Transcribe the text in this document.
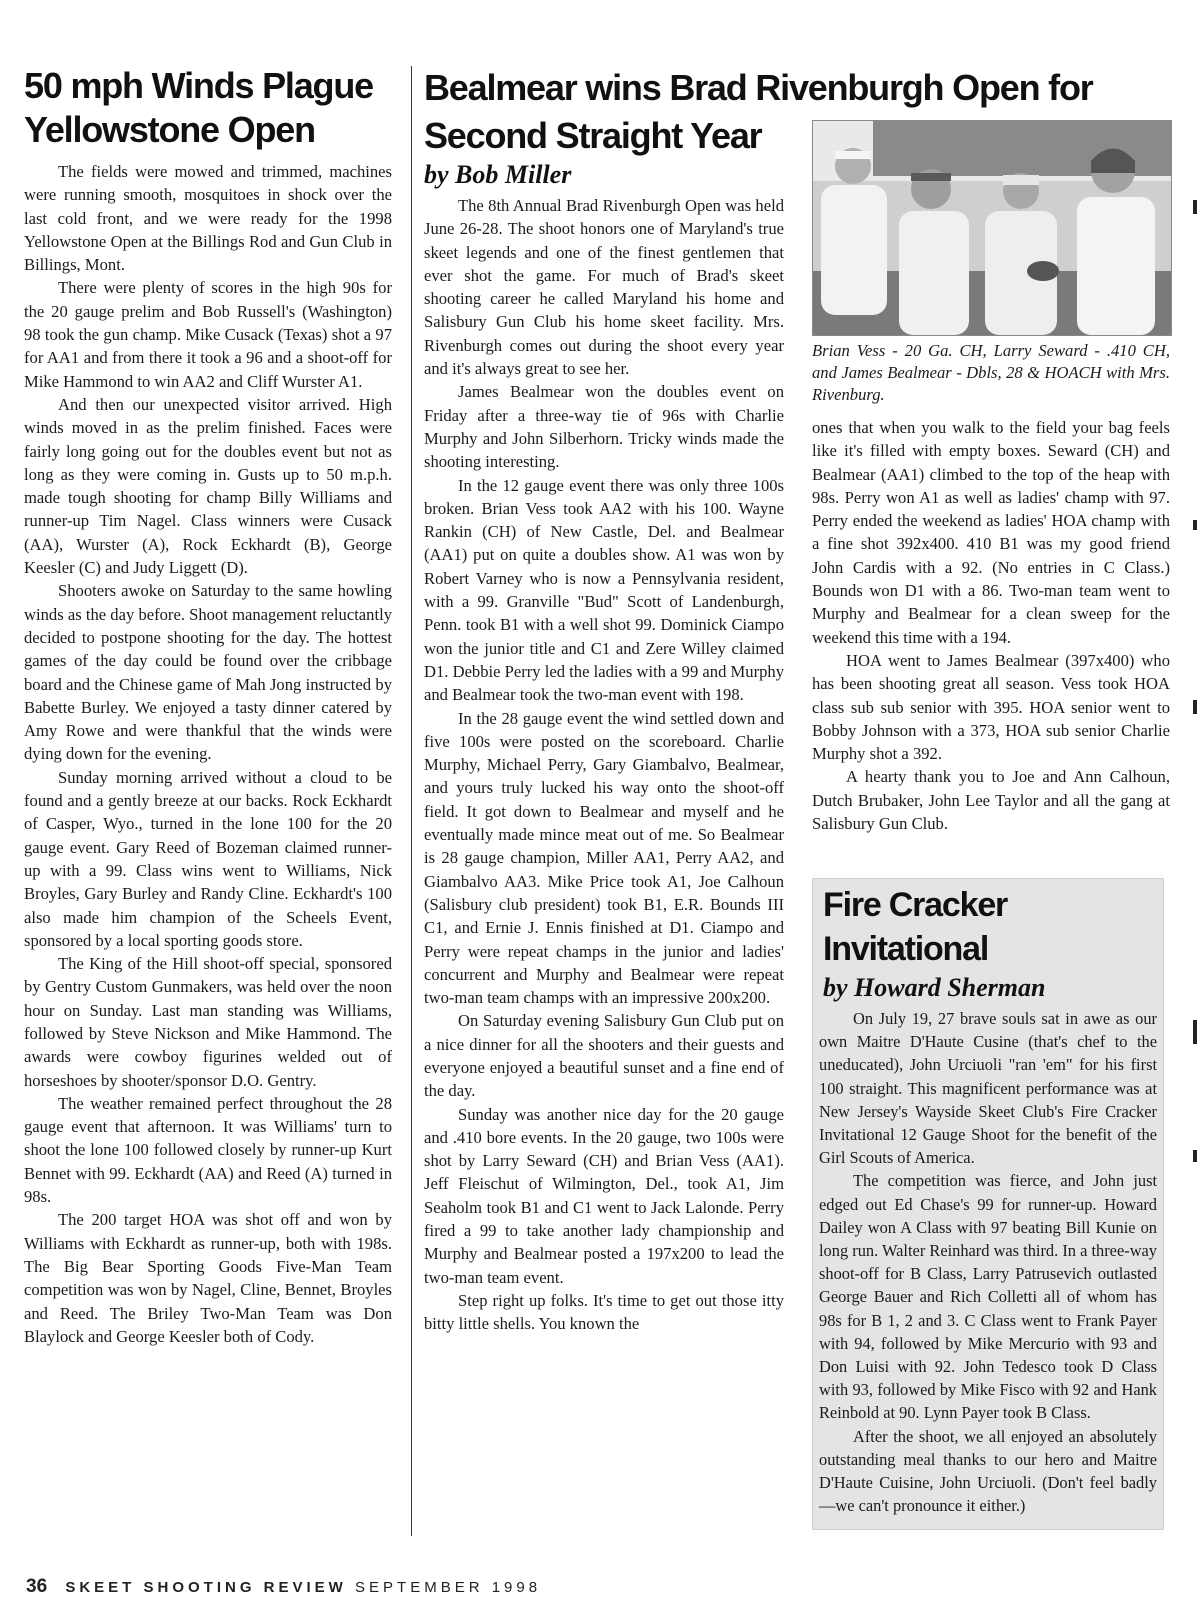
50 mph Winds Plague Yellowstone Open

The fields were mowed and trimmed, machines were running smooth, mosquitoes in shock over the last cold front, and we were ready for the 1998 Yellowstone Open at the Billings Rod and Gun Club in Billings, Mont.

There were plenty of scores in the high 90s for the 20 gauge prelim and Bob Russell's (Washington) 98 took the gun champ. Mike Cusack (Texas) shot a 97 for AA1 and from there it took a 96 and a shoot-off for Mike Hammond to win AA2 and Cliff Wurster A1.

And then our unexpected visitor arrived. High winds moved in as the prelim finished. Faces were fairly long going out for the doubles event but not as long as they were coming in. Gusts up to 50 m.p.h. made tough shooting for champ Billy Williams and runner-up Tim Nagel. Class winners were Cusack (AA), Wurster (A), Rock Eckhardt (B), George Keesler (C) and Judy Liggett (D).

Shooters awoke on Saturday to the same howling winds as the day before. Shoot management reluctantly decided to postpone shooting for the day. The hottest games of the day could be found over the cribbage board and the Chinese game of Mah Jong instructed by Babette Burley. We enjoyed a tasty dinner catered by Amy Rowe and were thankful that the winds were dying down for the evening.

Sunday morning arrived without a cloud to be found and a gently breeze at our backs. Rock Eckhardt of Casper, Wyo., turned in the lone 100 for the 20 gauge event. Gary Reed of Bozeman claimed runner-up with a 99. Class wins went to Williams, Nick Broyles, Gary Burley and Randy Cline. Eckhardt's 100 also made him champion of the Scheels Event, sponsored by a local sporting goods store.

The King of the Hill shoot-off special, sponsored by Gentry Custom Gunmakers, was held over the noon hour on Sunday. Last man standing was Williams, followed by Steve Nickson and Mike Hammond. The awards were cowboy figurines welded out of horseshoes by shooter/sponsor D.O. Gentry.

The weather remained perfect throughout the 28 gauge event that afternoon. It was Williams' turn to shoot the lone 100 followed closely by runner-up Kurt Bennet with 99. Eckhardt (AA) and Reed (A) turned in 98s.

The 200 target HOA was shot off and won by Williams with Eckhardt as runner-up, both with 198s. The Big Bear Sporting Goods Five-Man Team competition was won by Nagel, Cline, Bennet, Broyles and Reed. The Briley Two-Man Team was Don Blaylock and George Keesler both of Cody.

Bealmear wins Brad Rivenburgh Open for Second Straight Year

by Bob Miller

The 8th Annual Brad Rivenburgh Open was held June 26-28. The shoot honors one of Maryland's true skeet legends and one of the finest gentlemen that ever shot the game. For much of Brad's skeet shooting career he called Maryland his home and Salisbury Gun Club his home skeet facility. Mrs. Rivenburgh comes out during the shoot every year and it's always great to see her.

James Bealmear won the doubles event on Friday after a three-way tie of 96s with Charlie Murphy and John Silberhorn. Tricky winds made the shooting interesting.

In the 12 gauge event there was only three 100s broken. Brian Vess took AA2 with his 100. Wayne Rankin (CH) of New Castle, Del. and Bealmear (AA1) put on quite a doubles show. A1 was won by Robert Varney who is now a Pennsylvania resident, with a 99. Granville "Bud" Scott of Landenburgh, Penn. took B1 with a well shot 99. Dominick Ciampo won the junior title and C1 and Zere Willey claimed D1. Debbie Perry led the ladies with a 99 and Murphy and Bealmear took the two-man event with 198.

In the 28 gauge event the wind settled down and five 100s were posted on the scoreboard. Charlie Murphy, Michael Perry, Gary Giambalvo, Bealmear, and yours truly lucked his way onto the shoot-off field. It got down to Bealmear and myself and he eventually made mince meat out of me. So Bealmear is 28 gauge champion, Miller AA1, Perry AA2, and Giambalvo AA3. Mike Price took A1, Joe Calhoun (Salisbury club president) took B1, E.R. Bounds III C1, and Ernie J. Ennis finished at D1. Ciampo and Perry were repeat champs in the junior and ladies' concurrent and Murphy and Bealmear were repeat two-man team champs with an impressive 200x200.

On Saturday evening Salisbury Gun Club put on a nice dinner for all the shooters and their guests and everyone enjoyed a beautiful sunset and a fine end of the day.

Sunday was another nice day for the 20 gauge and .410 bore events. In the 20 gauge, two 100s were shot by Larry Seward (CH) and Brian Vess (AA1). Jeff Fleischut of Wilmington, Del., took A1, Jim Seaholm took B1 and C1 went to Jack Lalonde. Perry fired a 99 to take another lady championship and Murphy and Bealmear posted a 197x200 to lead the two-man team event.

Step right up folks. It's time to get out those itty bitty little shells. You known the

Brian Vess - 20 Ga. CH, Larry Seward - .410 CH, and James Bealmear - Dbls, 28 & HOACH with Mrs. Rivenburg.

ones that when you walk to the field your bag feels like it's filled with empty boxes. Seward (CH) and Bealmear (AA1) climbed to the top of the heap with 98s. Perry won A1 as well as ladies' champ with 97. Perry ended the weekend as ladies' HOA champ with a fine shot 392x400. 410 B1 was my good friend John Cardis with a 92. (No entries in C Class.) Bounds won D1 with a 86. Two-man team went to Murphy and Bealmear for a clean sweep for the weekend this time with a 194.

HOA went to James Bealmear (397x400) who has been shooting great all season. Vess took HOA class sub sub senior with 395. HOA senior went to Bobby Johnson with a 373, HOA sub senior Charlie Murphy shot a 392.

A hearty thank you to Joe and Ann Calhoun, Dutch Brubaker, John Lee Taylor and all the gang at Salisbury Gun Club.

Fire Cracker Invitational

by Howard Sherman

On July 19, 27 brave souls sat in awe as our own Maitre D'Haute Cusine (that's chef to the uneducated), John Urciuoli "ran 'em" for his first 100 straight. This magnificent performance was at New Jersey's Wayside Skeet Club's Fire Cracker Invitational 12 Gauge Shoot for the benefit of the Girl Scouts of America.

The competition was fierce, and John just edged out Ed Chase's 99 for runner-up. Howard Dailey won A Class with 97 beating Bill Kunie on long run. Walter Reinhard was third. In a three-way shoot-off for B Class, Larry Patrusevich outlasted George Bauer and Rich Colletti all of whom has 98s for B 1, 2 and 3. C Class went to Frank Payer with 94, followed by Mike Mercurio with 93 and Don Luisi with 92. John Tedesco took D Class with 93, followed by Mike Fisco with 92 and Hank Reinbold at 90. Lynn Payer took B Class.

After the shoot, we all enjoyed an absolutely outstanding meal thanks to our hero and Maitre D'Haute Cuisine, John Urciuoli. (Don't feel badly—we can't pronounce it either.)

36 SKEET SHOOTING REVIEW SEPTEMBER 1998
